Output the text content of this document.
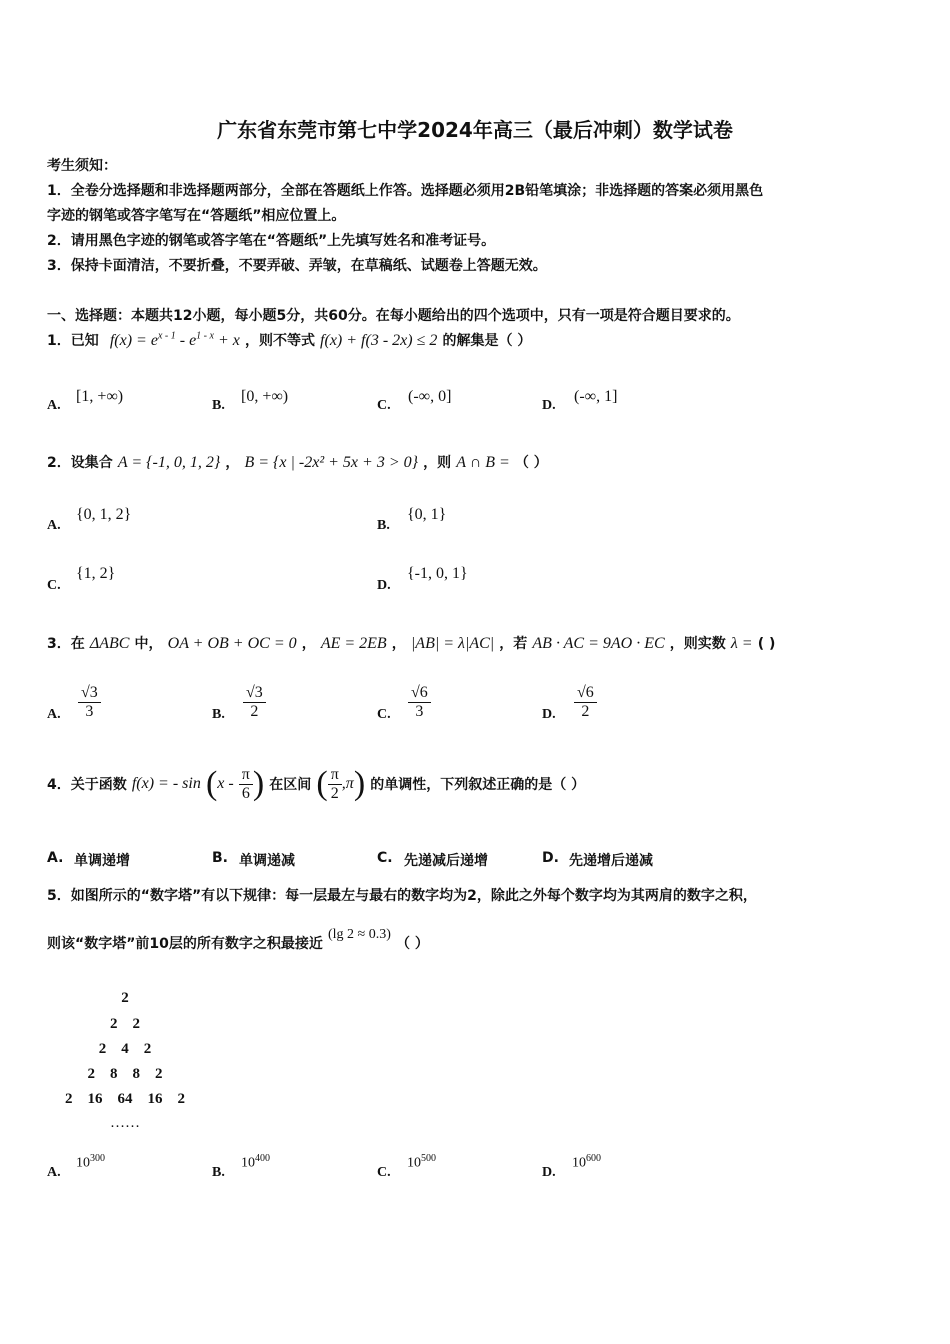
广东省东莞市第七中学2024年高三（最后冲刺）数学试卷
考生须知：
1．全卷分选择题和非选择题两部分，全部在答题纸上作答。选择题必须用2B铅笔填涂；非选择题的答案必须用黑色
字迹的钢笔或答字笔写在“答题纸”相应位置上。
2．请用黑色字迹的钢笔或答字笔在“答题纸”上先填写姓名和准考证号。
3．保持卡面清洁，不要折叠，不要弄破、弄皱，在草稿纸、试题卷上答题无效。
一、选择题：本题共12小题，每小题5分，共60分。在每小题给出的四个选项中，只有一项是符合题目要求的。
1．已知 $f(x) = e^{x - 1} - e^{1 - x} + x$ ，则不等式 f(x) + f(3 - 2x) ≤ 2 的解集是（ ）
A.
[1, +∞)
B.
[0, +∞)
C.
(-∞, 0]
D.
(-∞, 1]
2．设集合 A = {-1, 0, 1, 2} ， B = {x | -2x² + 5x + 3 > 0} ，则 A ∩ B = （ ）
A.
{0, 1, 2}
B.
{0, 1}
C.
{1, 2}
D.
{-1, 0, 1}
3．在 ΔABC 中， OA + OB + OC = 0 ， AE = 2EB ， |AB| = λ|AC| ，若 AB · AC = 9AO · EC ，则实数 λ = ( )
A. $\frac{√3}{3}$	B. $\frac{√3}{2}$	C. $\frac{√6}{3}$	D. $\frac{√6}{2}$
4．关于函数 f(x) = - $\sin (x - \frac{\pi}{6}$ ) 在区间 ( $\frac{\pi}{2} ,\pi$) 的单调性，下列叙述正确的是（ ）
A. 单调递增	B. 单调递减	C. 先递减后递增	D. 先递增后递减
5．如图所示的“数字塔”有以下规律：每一层最左与最右的数字均为2，除此之外每个数字均为其两肩的数字之积，
则该“数字塔”前10层的所有数字之积最接近 (lg 2 ≈ 0.3) （ ）
2
2    2
2    4    2
2    8    8    2
2    16    64    16    2
……
A.
$10^{300}$
B.
$10^{400}$
C.
$10^{500}$
D.
$10^{600}$
